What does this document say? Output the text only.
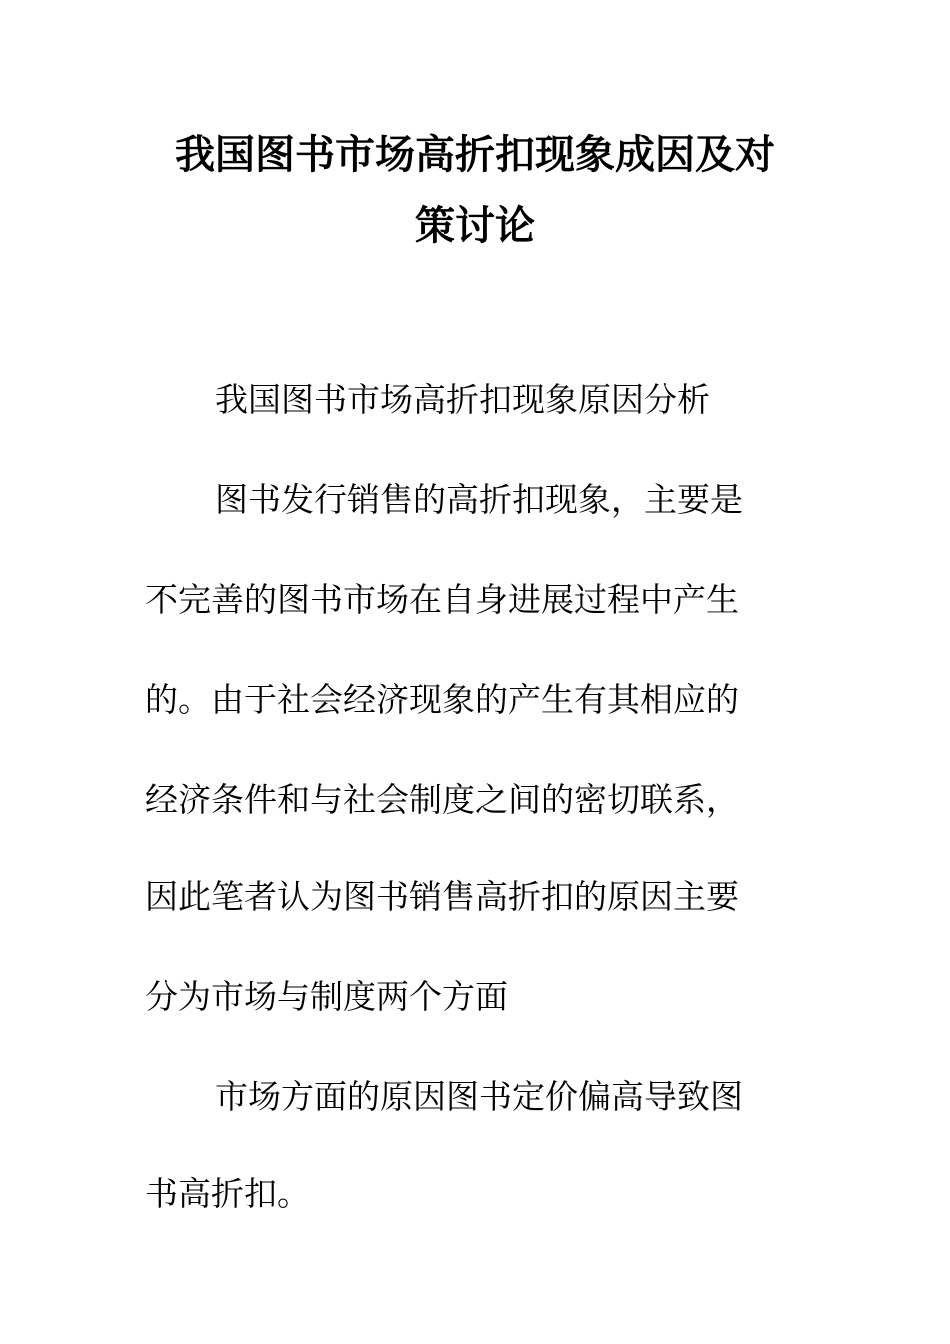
我国图书市场高折扣现象成因及对
策讨论
我国图书市场高折扣现象原因分析
图书发行销售的高折扣现象，主要是
不完善的图书市场在自身进展过程中产生
的。由于社会经济现象的产生有其相应的
经济条件和与社会制度之间的密切联系，
因此笔者认为图书销售高折扣的原因主要
分为市场与制度两个方面
市场方面的原因图书定价偏高导致图
书高折扣。
